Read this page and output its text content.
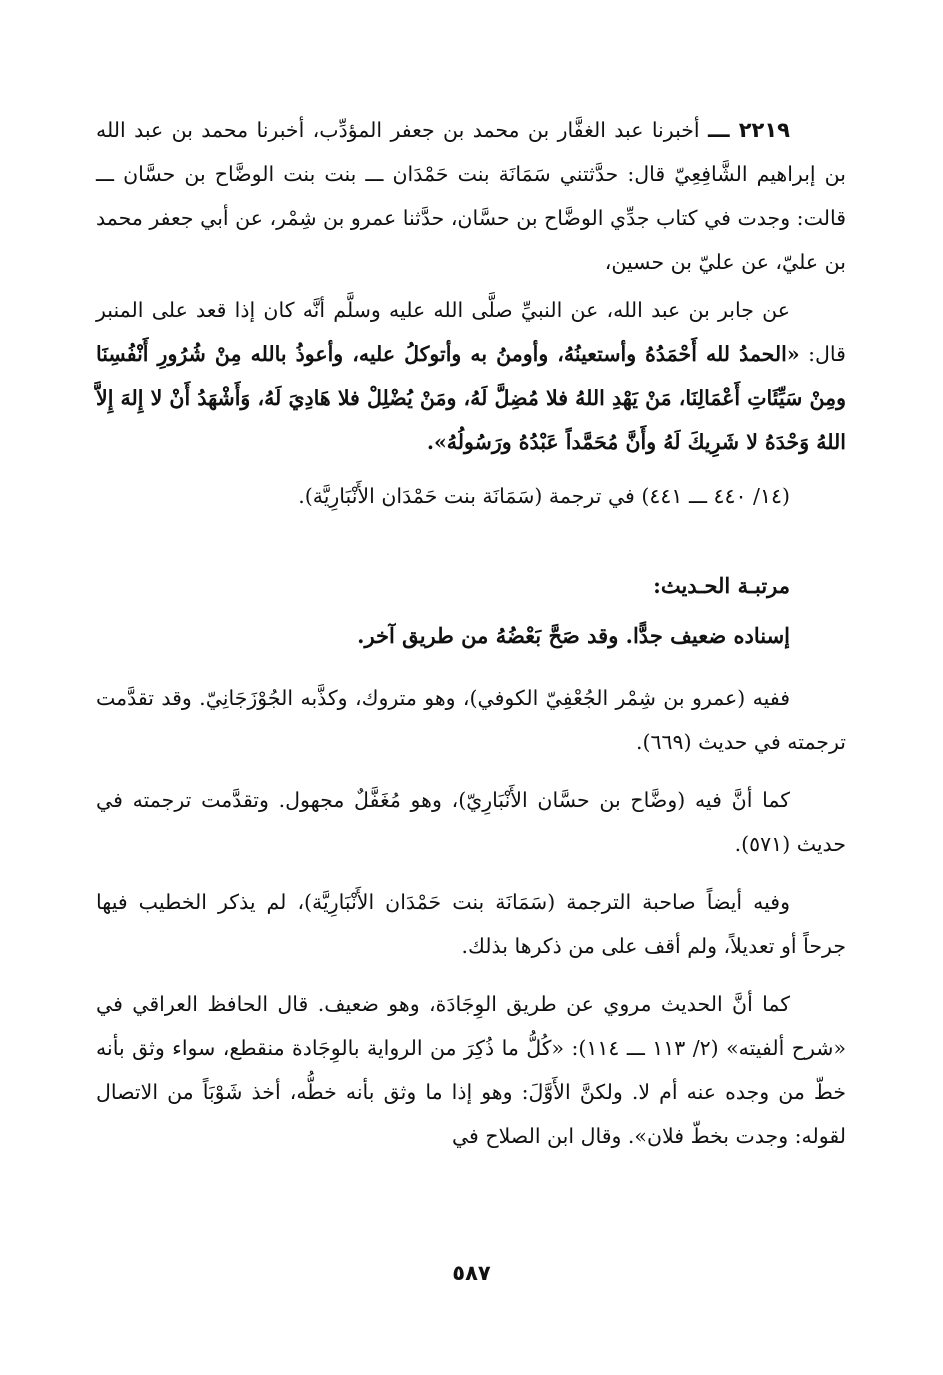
٢٢١٩ ـــ أخبرنا عبد الغفَّار بن محمد بن جعفر المؤدِّب، أخبرنا محمد بن عبد الله بن إبراهيم الشَّافِعِيّ قال: حدَّثتني سَمَانَة بنت حَمْدَان ـــ بنت بنت الوضَّاح بن حسَّان ـــ قالت: وجدت في كتاب جدِّي الوضَّاح بن حسَّان، حدَّثنا عمرو بن شِمْر، عن أبي جعفر محمد بن عليّ، عن عليّ بن حسين،

عن جابر بن عبد الله، عن النبيِّ صلَّى الله عليه وسلَّم أنَّه كان إذا قعد على المنبر قال: «الحمدُ لله أَحْمَدُهُ وأستعينُهُ، وأومنُ به وأتوكلُ عليه، وأعوذُ بالله مِنْ شُرُورِ أَنْفُسِنَا ومِنْ سَيِّئَاتِ أَعْمَالِنَا، مَنْ يَهْدِ اللهُ فلا مُضِلَّ لَهُ، ومَنْ يُضْلِلْ فلا هَادِيَ لَهُ، وَأَشْهَدُ أَنْ لا إِلهَ إِلاَّ اللهُ وَحْدَهُ لا شَرِيكَ لَهُ وأَنَّ مُحَمَّداً عَبْدُهُ ورَسُولُهُ».

(١٤/ ٤٤٠ ـــ ٤٤١) في ترجمة (سَمَانَة بنت حَمْدَان الأَنْبَارِيَّة).

مرتبـة الحـديث:

إسناده ضعيف جدًّا. وقد صَحَّ بَعْضُهُ من طريق آخر.

ففيه (عمرو بن شِمْر الجُعْفِيّ الكوفي)، وهو متروك، وكذَّبه الجُوْزَجَانِيّ. وقد تقدَّمت ترجمته في حديث (٦٦٩).

كما أنَّ فيه (وضَّاح بن حسَّان الأَنْبَارِيّ)، وهو مُغَفَّلٌ مجهول. وتقدَّمت ترجمته في حديث (٥٧١).

وفيه أيضاً صاحبة الترجمة (سَمَانَة بنت حَمْدَان الأَنْبَارِيَّة)، لم يذكر الخطيب فيها جرحاً أو تعديلاً، ولم أقف على من ذكرها بذلك.

كما أنَّ الحديث مروي عن طريق الوِجَادَة، وهو ضعيف. قال الحافظ العراقي في «شرح ألفيته» (٢/ ١١٣ ـــ ١١٤): «كُلُّ ما ذُكِرَ من الرواية بالوِجَادة منقطع، سواء وثق بأنه خطّ من وجده عنه أم لا. ولكنَّ الأَوَّلَ: وهو إذا ما وثق بأنه خطُّه، أخذ شَوْبَاً من الاتصال لقوله: وجدت بخطّ فلان». وقال ابن الصلاح في

٥٨٧
